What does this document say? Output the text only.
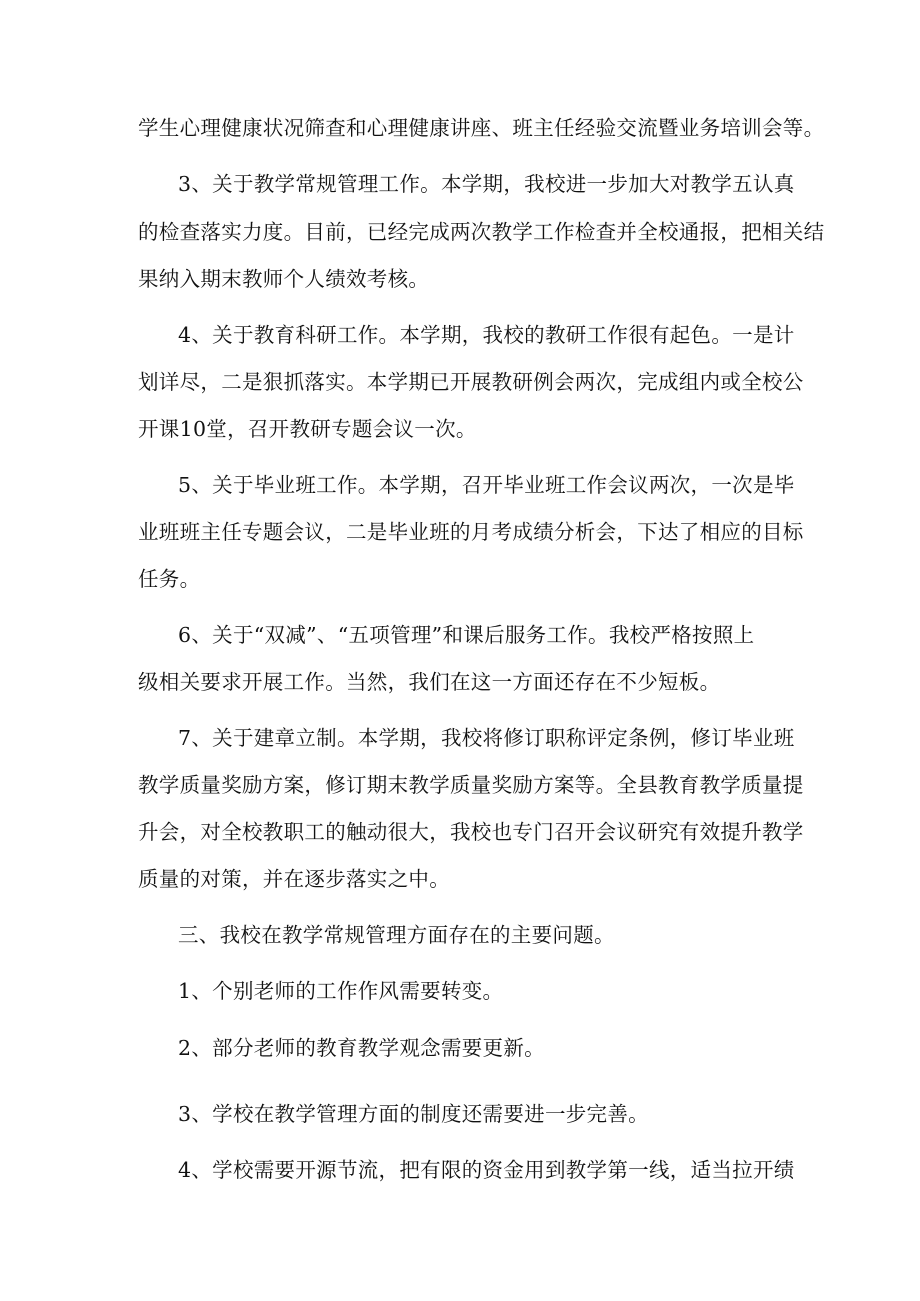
学生心理健康状况筛查和心理健康讲座、班主任经验交流暨业务培训会等。
3、关于教学常规管理工作。本学期，我校进一步加大对教学五认真
的检查落实力度。目前，已经完成两次教学工作检查并全校通报，把相关结
果纳入期末教师个人绩效考核。
4、关于教育科研工作。本学期，我校的教研工作很有起色。一是计
划详尽，二是狠抓落实。本学期已开展教研例会两次，完成组内或全校公
开课10堂，召开教研专题会议一次。
5、关于毕业班工作。本学期，召开毕业班工作会议两次，一次是毕
业班班主任专题会议，二是毕业班的月考成绩分析会，下达了相应的目标
任务。
6、关于“双减”、“五项管理”和课后服务工作。我校严格按照上
级相关要求开展工作。当然，我们在这一方面还存在不少短板。
7、关于建章立制。本学期，我校将修订职称评定条例，修订毕业班
教学质量奖励方案，修订期末教学质量奖励方案等。全县教育教学质量提
升会，对全校教职工的触动很大，我校也专门召开会议研究有效提升教学
质量的对策，并在逐步落实之中。
三、我校在教学常规管理方面存在的主要问题。
1、个别老师的工作作风需要转变。
2、部分老师的教育教学观念需要更新。
3、学校在教学管理方面的制度还需要进一步完善。
4、学校需要开源节流，把有限的资金用到教学第一线，适当拉开绩
